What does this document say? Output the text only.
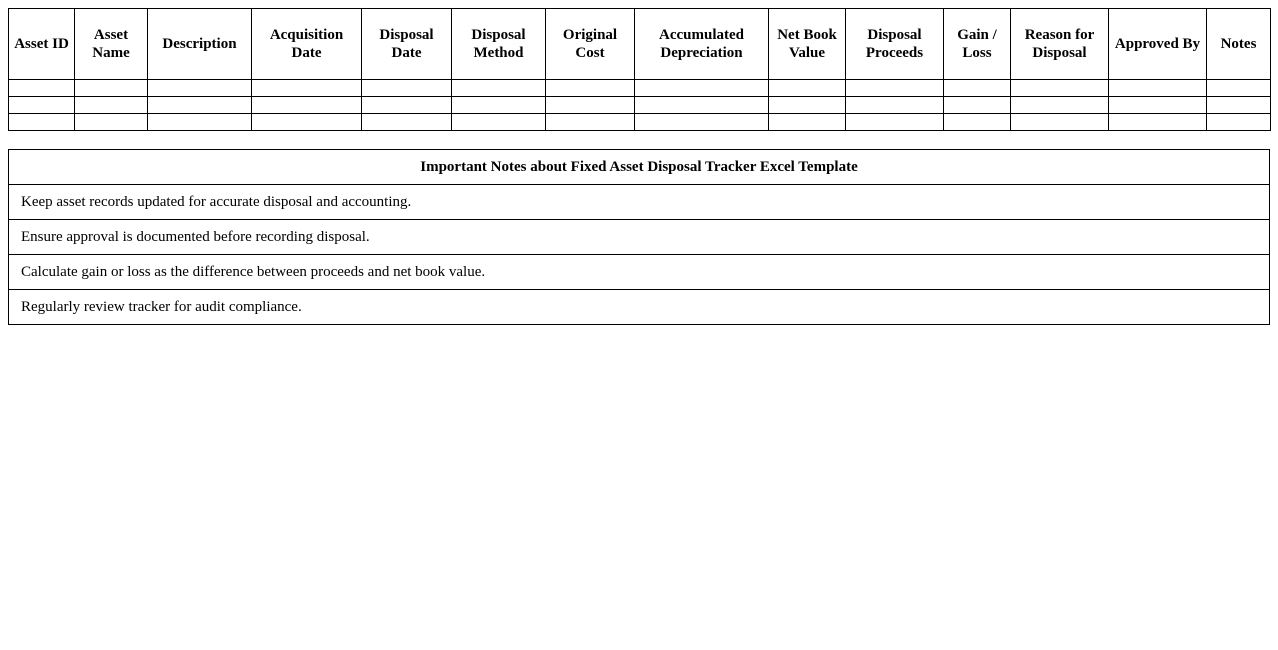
Asset ID	Asset Name	Description	Acquisition Date	Disposal Date	Disposal Method	Original Cost	Accumulated Depreciation	Net Book Value	Disposal Proceeds	Gain / Loss	Reason for Disposal	Approved By	Notes

Important Notes about Fixed Asset Disposal Tracker Excel Template
Keep asset records updated for accurate disposal and accounting.
Ensure approval is documented before recording disposal.
Calculate gain or loss as the difference between proceeds and net book value.
Regularly review tracker for audit compliance.
